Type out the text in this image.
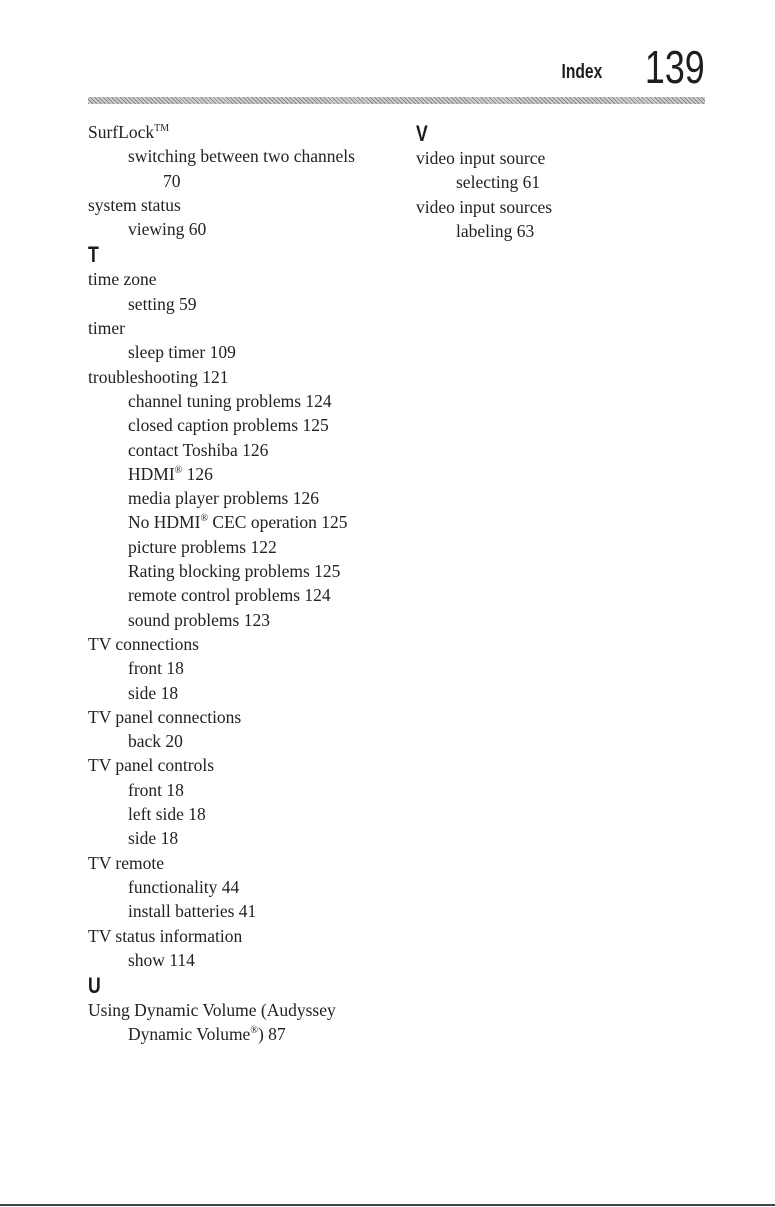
Index 139
SurfLock™
switching between two channels
70
system status
viewing 60
T
time zone
setting 59
timer
sleep timer 109
troubleshooting 121
channel tuning problems 124
closed caption problems 125
contact Toshiba 126
HDMI® 126
media player problems 126
No HDMI® CEC operation 125
picture problems 122
Rating blocking problems 125
remote control problems 124
sound problems 123
TV connections
front 18
side 18
TV panel connections
back 20
TV panel controls
front 18
left side 18
side 18
TV remote
functionality 44
install batteries 41
TV status information
show 114
U
Using Dynamic Volume (Audyssey
Dynamic Volume®) 87
V
video input source
selecting 61
video input sources
labeling 63
